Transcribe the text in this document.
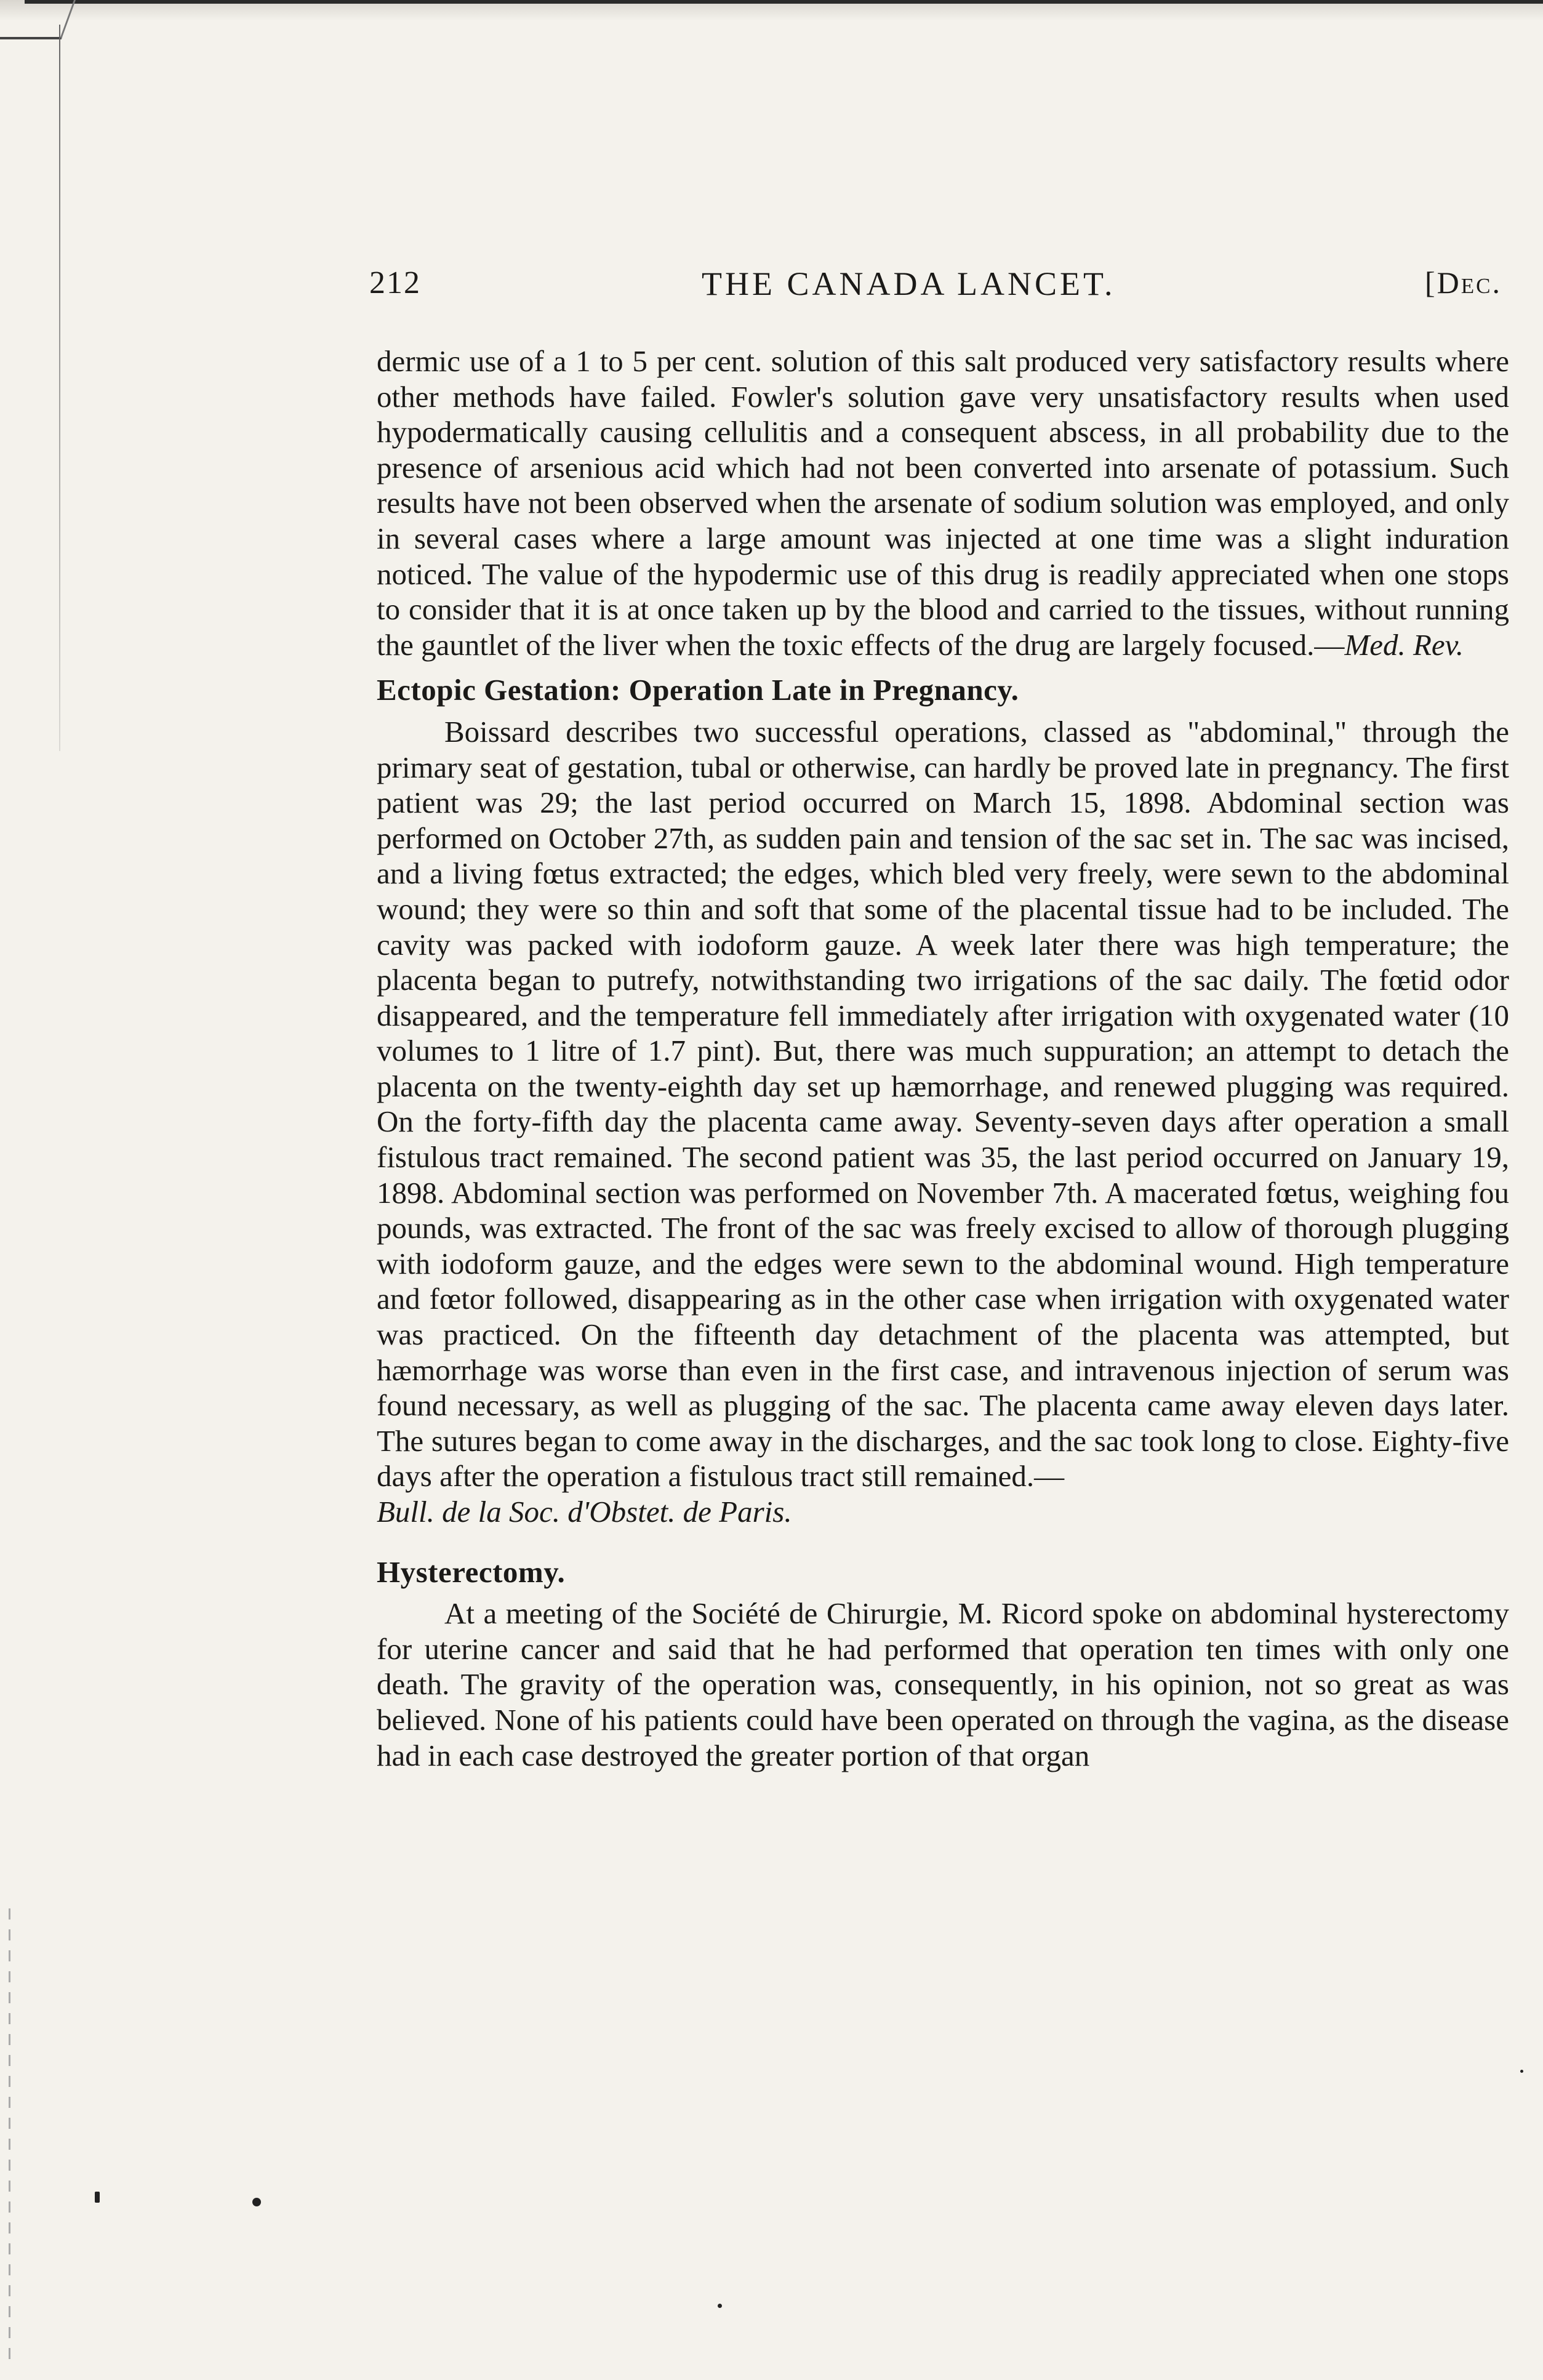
212	THE CANADA LANCET.	[Dec.

dermic use of a 1 to 5 per cent. solution of this salt produced very satisfactory results where other methods have failed. Fowler's solution gave very unsatisfactory results when used hypodermatically causing cellulitis and a consequent abscess, in all probability due to the presence of arsenious acid which had not been converted into arsenate of potassium. Such results have not been observed when the arsenate of sodium solution was employed, and only in several cases where a large amount was injected at one time was a slight induration noticed. The value of the hypodermic use of this drug is readily appreciated when one stops to consider that it is at once taken up by the blood and carried to the tissues, without running the gauntlet of the liver when the toxic effects of the drug are largely focused.—Med. Rev.

Ectopic Gestation: Operation Late in Pregnancy.

Boissard describes two successful operations, classed as "abdominal," through the primary seat of gestation, tubal or otherwise, can hardly be proved late in pregnancy. The first patient was 29; the last period occurred on March 15, 1898. Abdominal section was performed on October 27th, as sudden pain and tension of the sac set in. The sac was incised, and a living fœtus extracted; the edges, which bled very freely, were sewn to the abdominal wound; they were so thin and soft that some of the placental tissue had to be included. The cavity was packed with iodoform gauze. A week later there was high temperature; the placenta began to putrefy, notwithstanding two irrigations of the sac daily. The fœtid odor disappeared, and the temperature fell immediately after irrigation with oxygenated water (10 volumes to 1 litre of 1.7 pint). But, there was much suppuration; an attempt to detach the placenta on the twenty-eighth day set up hæmorrhage, and renewed plugging was required. On the forty-fifth day the placenta came away. Seventy-seven days after operation a small fistulous tract remained. The second patient was 35, the last period occurred on January 19, 1898. Abdominal section was performed on November 7th. A macerated fœtus, weighing fou pounds, was extracted. The front of the sac was freely excised to allow of thorough plugging with iodoform gauze, and the edges were sewn to the abdominal wound. High temperature and fœtor followed, disappearing as in the other case when irrigation with oxygenated water was practiced. On the fifteenth day detachment of the placenta was attempted, but hæmorrhage was worse than even in the first case, and intravenous injection of serum was found necessary, as well as plugging of the sac. The placenta came away eleven days later. The sutures began to come away in the discharges, and the sac took long to close. Eighty-five days after the operation a fistulous tract still remained.—

Bull. de la Soc. d'Obstet. de Paris.

Hysterectomy.

At a meeting of the Société de Chirurgie, M. Ricord spoke on abdominal hysterectomy for uterine cancer and said that he had performed that operation ten times with only one death. The gravity of the operation was, consequently, in his opinion, not so great as was believed. None of his patients could have been operated on through the vagina, as the disease had in each case destroyed the greater portion of that organ
